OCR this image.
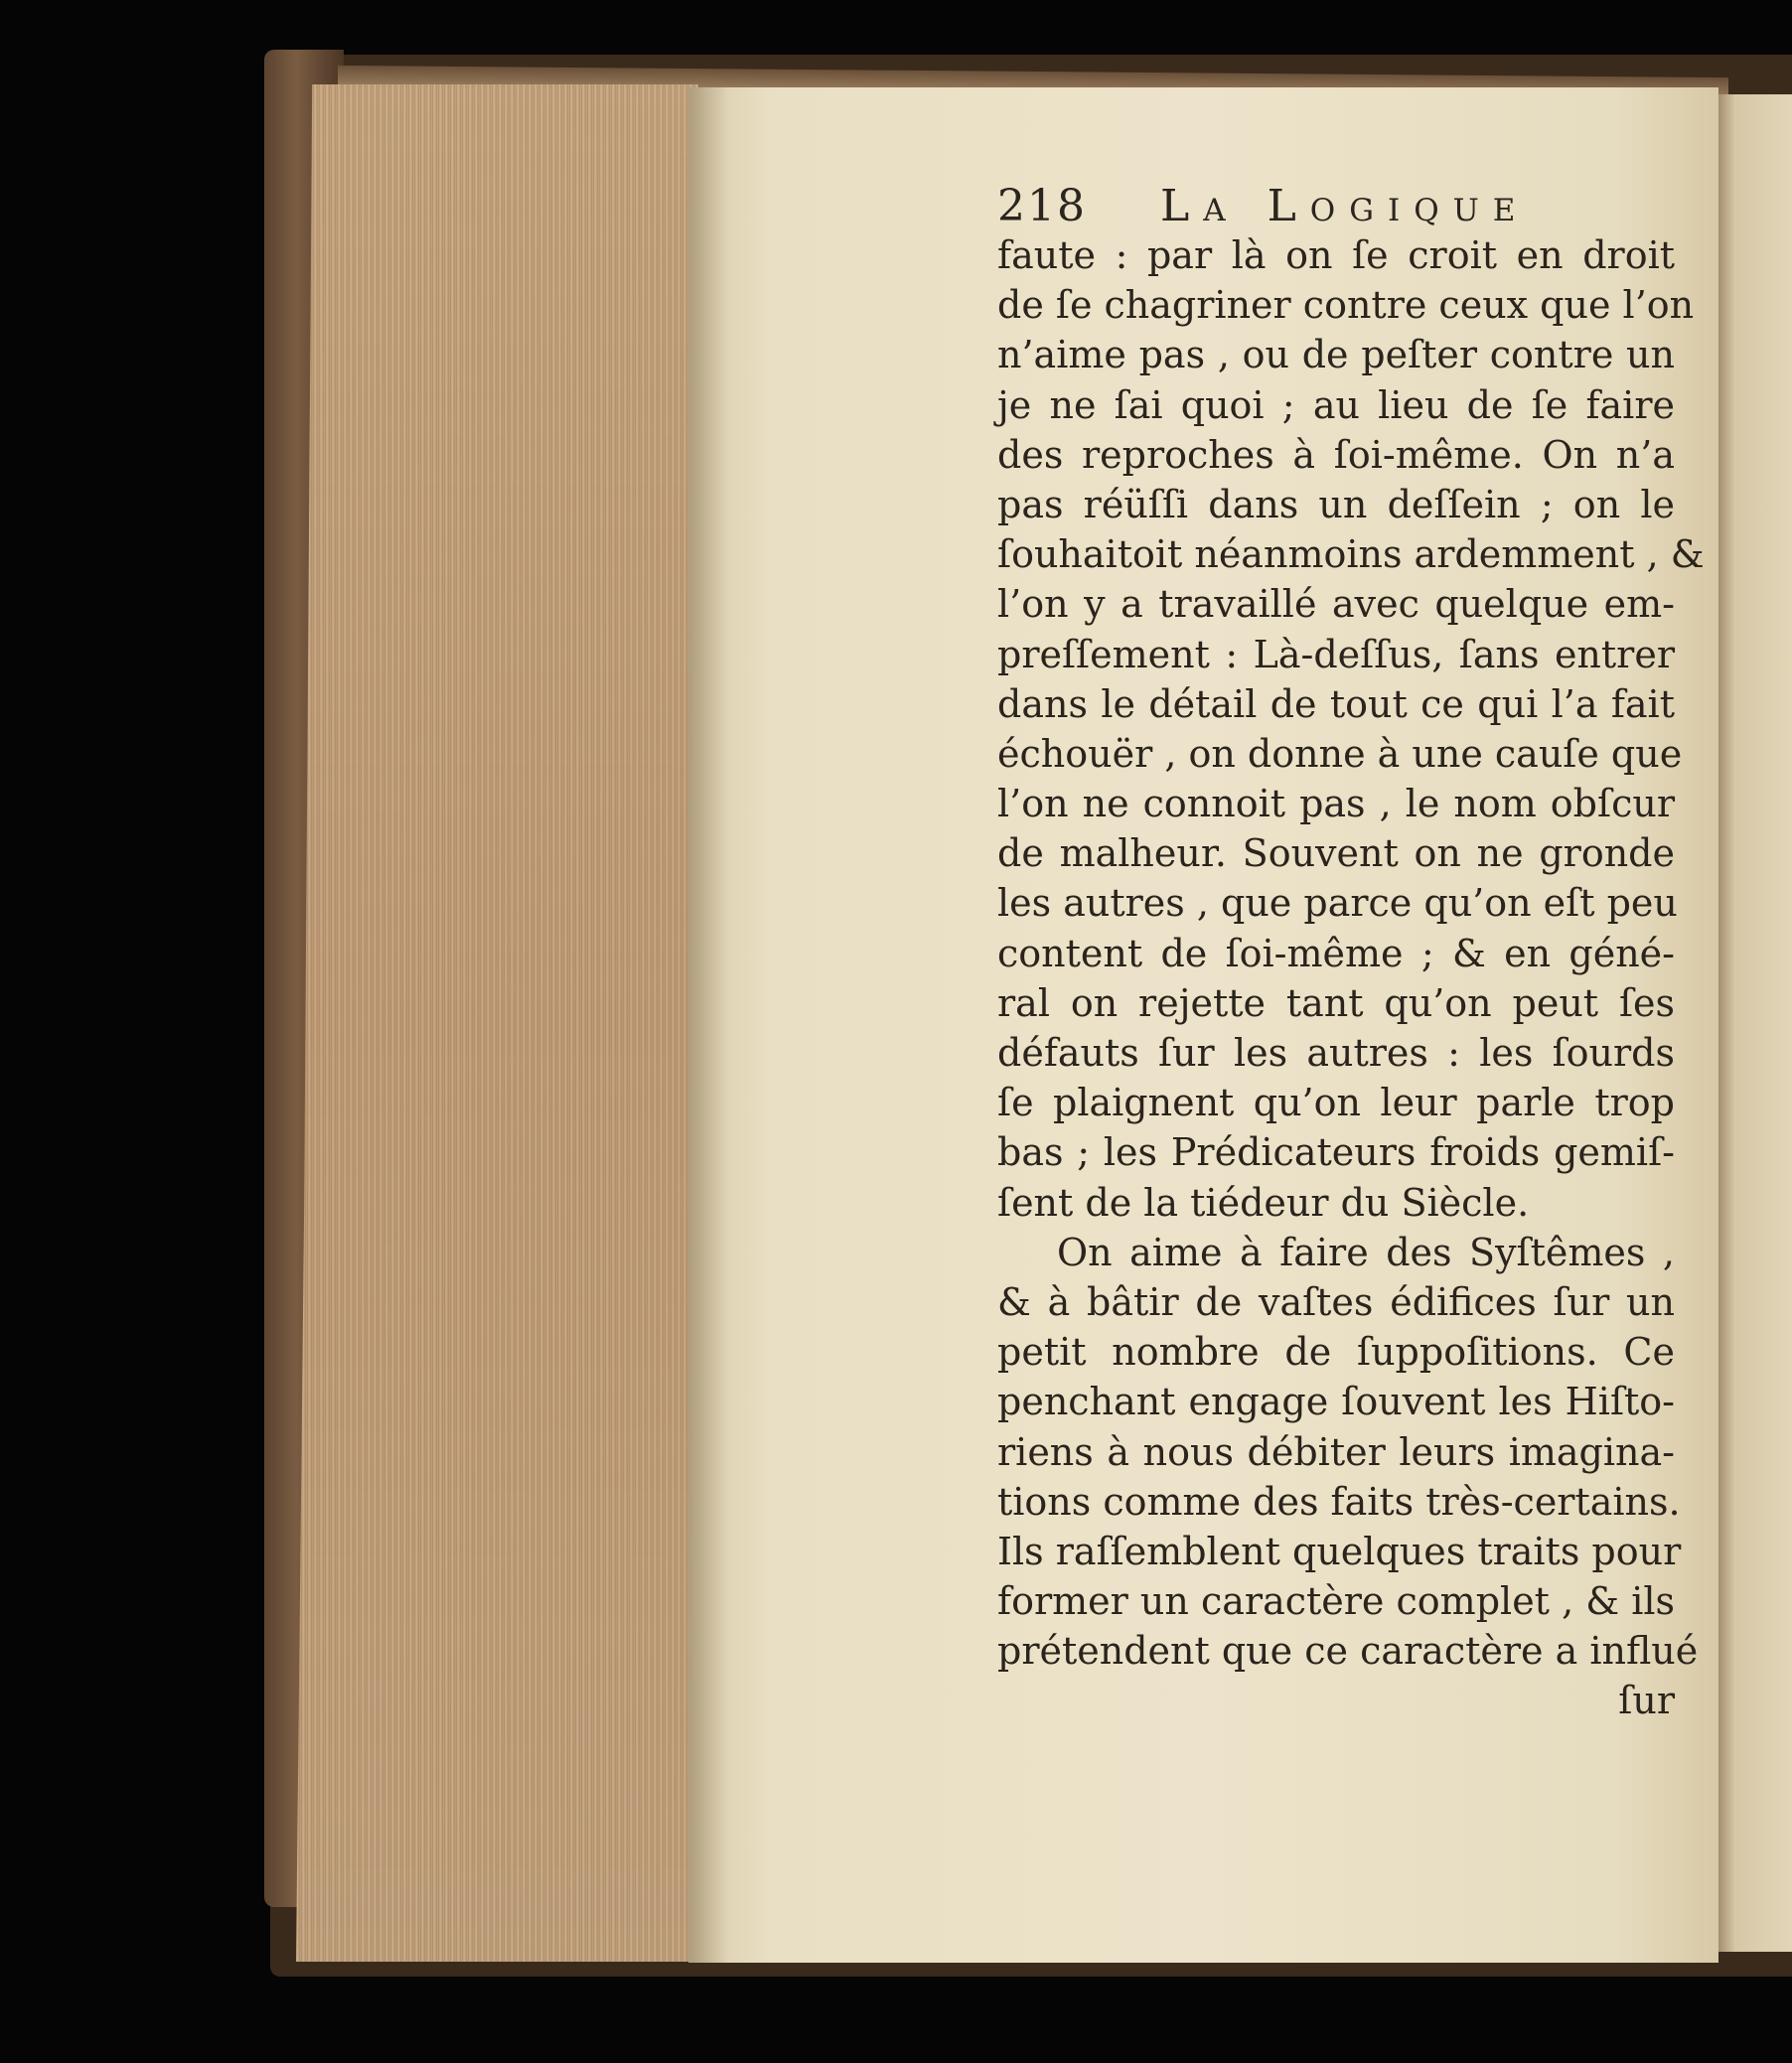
218 La Logique
faute : par là on ſe croit en droit
de ſe chagriner contre ceux que l’on
n’aime pas , ou de peſter contre un
je ne ſai quoi ; au lieu de ſe faire
des reproches à ſoi-même. On n’a
pas réüſſi dans un deſſein ; on le
ſouhaitoit néanmoins ardemment , &
l’on y a travaillé avec quelque em-
preſſement : Là-deſſus, ſans entrer
dans le détail de tout ce qui l’a fait
échouër , on donne à une cauſe que
l’on ne connoit pas , le nom obſcur
de malheur. Souvent on ne gronde
les autres , que parce qu’on eſt peu
content de ſoi-même ; & en géné-
ral on rejette tant qu’on peut ſes
défauts ſur les autres : les ſourds
ſe plaignent qu’on leur parle trop
bas ; les Prédicateurs froids gemiſ-
ſent de la tiédeur du Siècle.
On aime à faire des Syſtêmes ,
& à bâtir de vaſtes édifices ſur un
petit nombre de ſuppoſitions. Ce
penchant engage ſouvent les Hiſto-
riens à nous débiter leurs imagina-
tions comme des faits très-certains.
Ils raſſemblent quelques traits pour
former un caractère complet , & ils
prétendent que ce caractère a influé
ſur
